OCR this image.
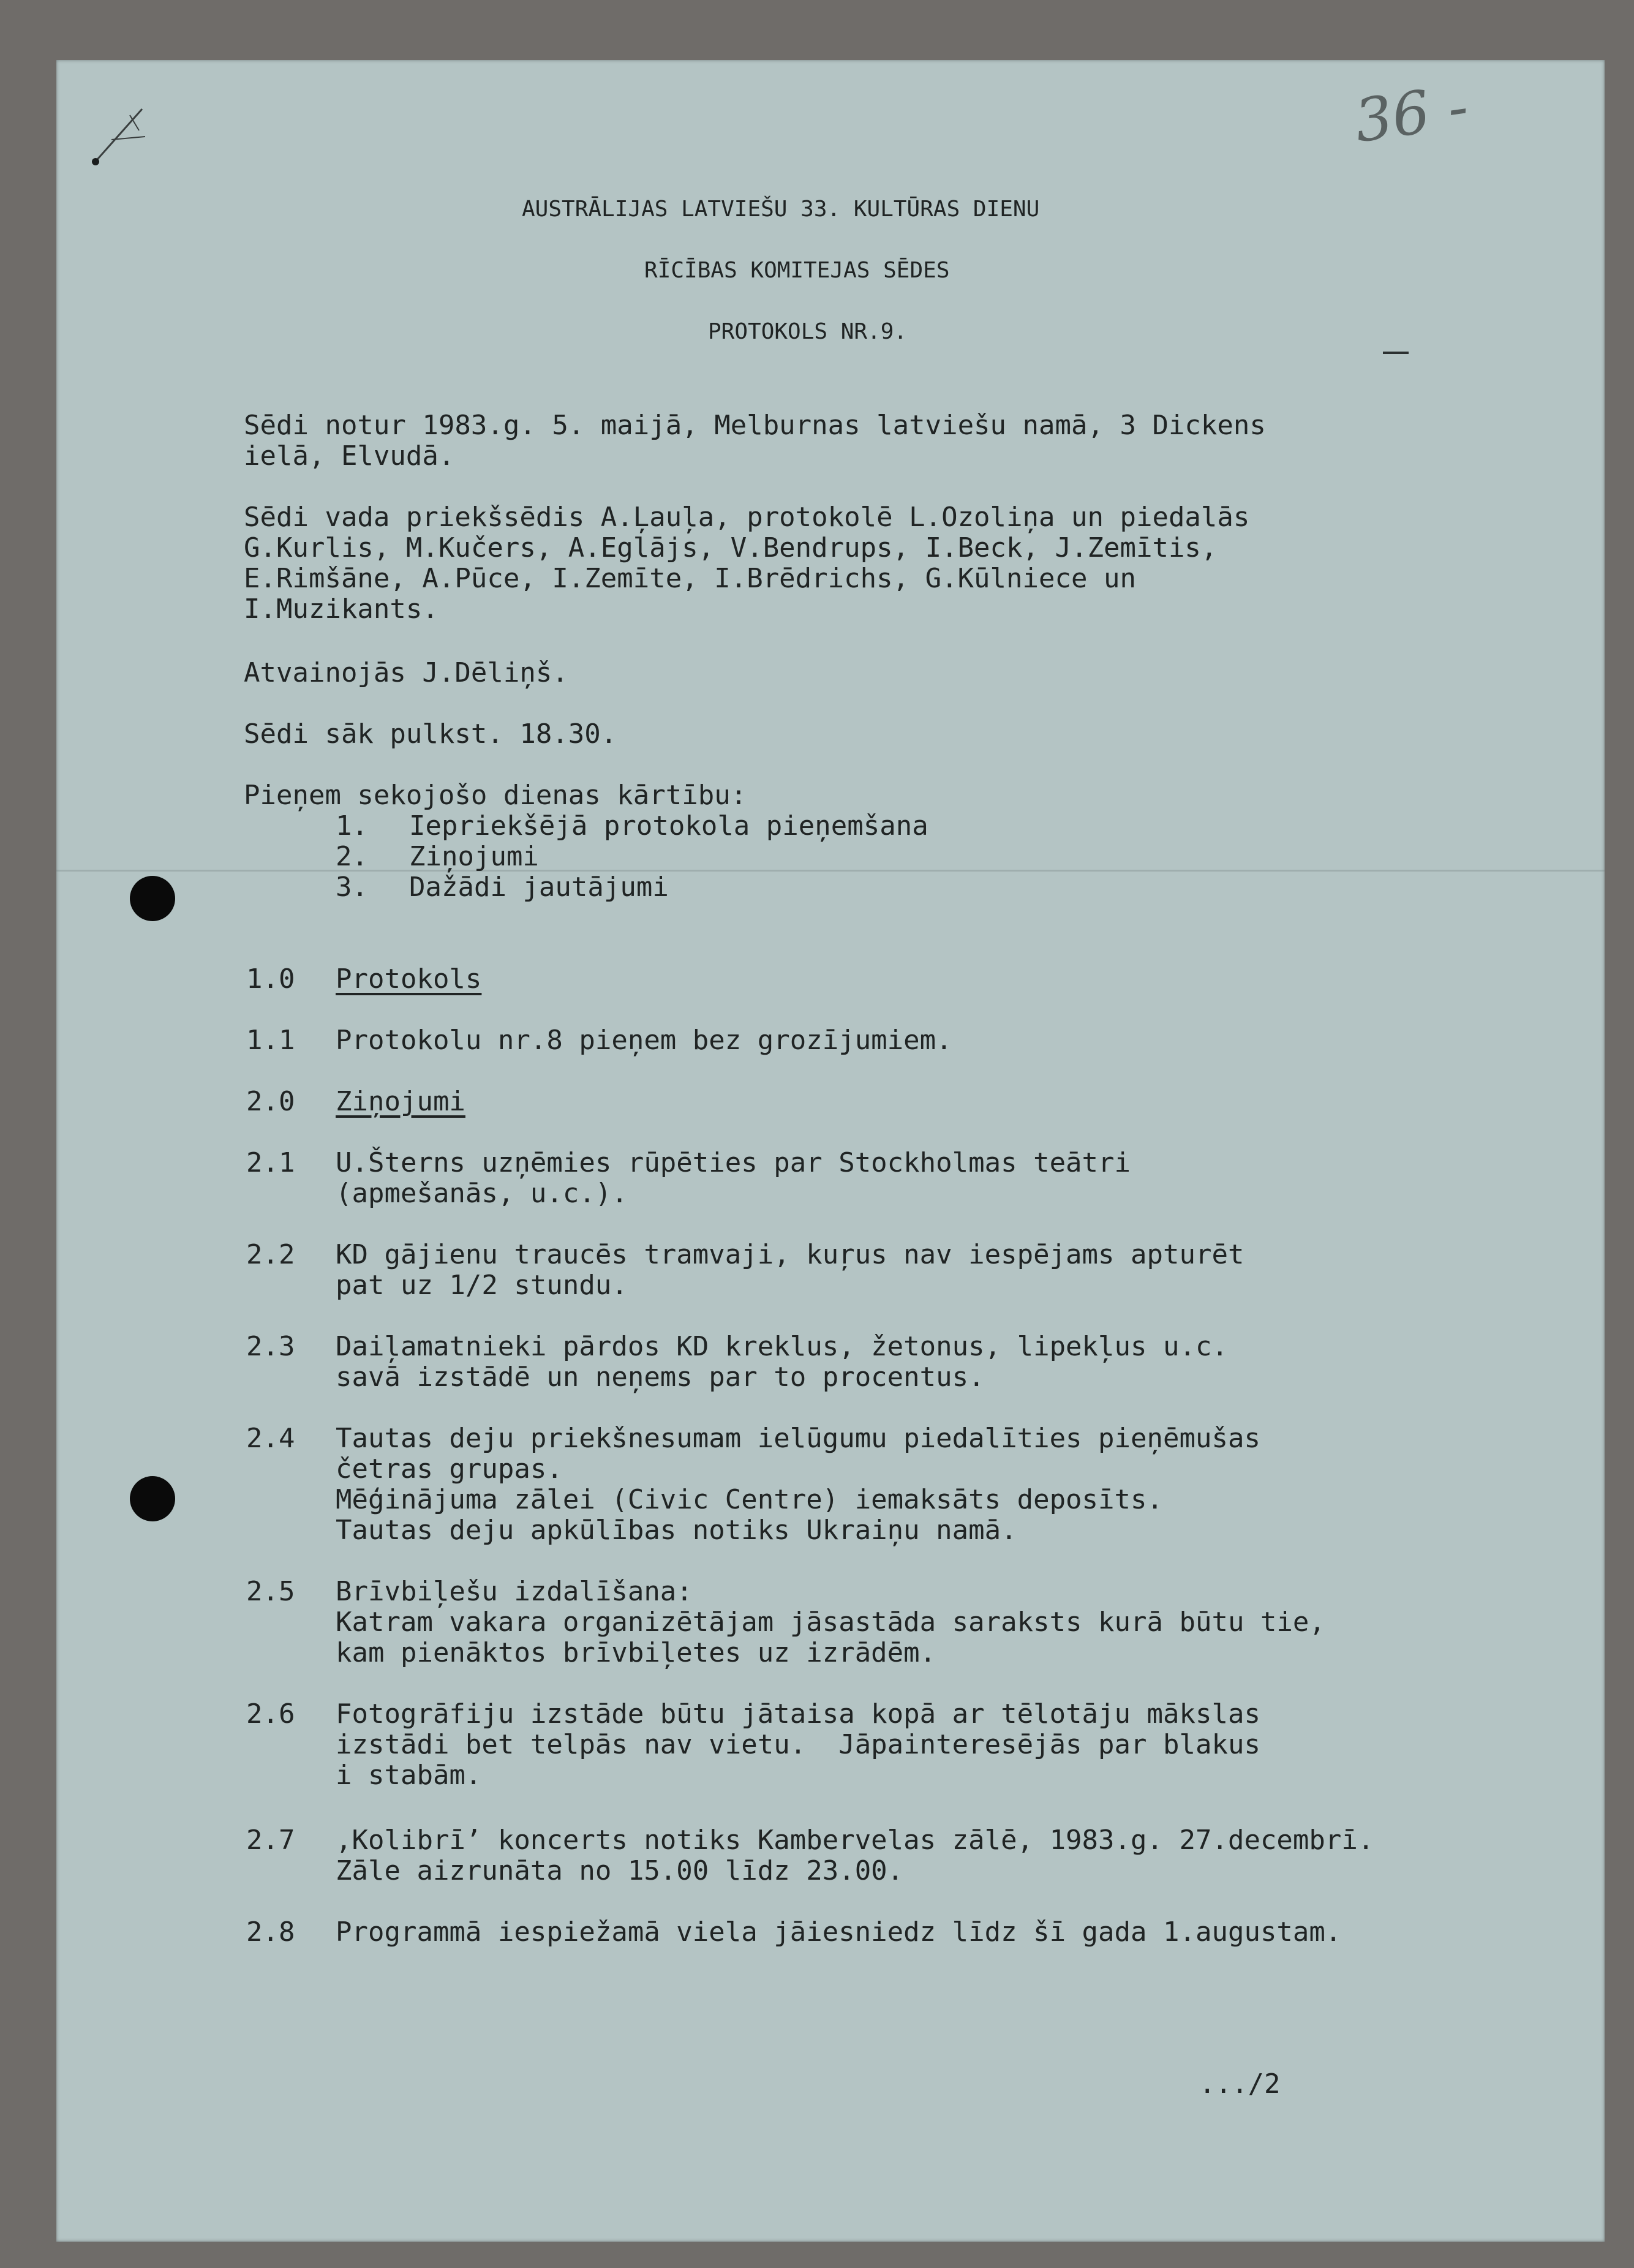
36 -
AUSTRĀLIJAS LATVIEŠU 33. KULTŪRAS DIENU
RĪCĪBAS KOMITEJAS SĒDES
PROTOKOLS NR.9.
Sēdi notur 1983.g. 5. maijā, Melburnas latviešu namā, 3 Dickens
ielā, Elvudā.
Sēdi vada priekšsēdis A.Ļauļa, protokolē L.Ozoliņa un piedalās
G.Kurlis, M.Kučers, A.Eglājs, V.Bendrups, I.Beck, J.Zemītis,
E.Rimšāne, A.Pūce, I.Zemīte, I.Brēdrichs, G.Kūlniece un
I.Muzikants.
Atvainojās J.Dēliņš.
Sēdi sāk pulkst. 18.30.
Pieņem sekojošo dienas kārtību:
1. Iepriekšējā protokola pieņemšana
2. Ziņojumi
3. Dažādi jautājumi
1.0 Protokols
1.1 Protokolu nr.8 pieņem bez grozījumiem.
2.0 Ziņojumi
2.1 U.Šterns uzņēmies rūpēties par Stockholmas teātri
(apmešanās, u.c.).
2.2 KD gājienu traucēs tramvaji, kuŗus nav iespējams apturēt
pat uz 1/2 stundu.
2.3 Daiļamatnieki pārdos KD kreklus, žetonus, lipekļus u.c.
savā izstādē un neņems par to procentus.
2.4 Tautas deju priekšnesumam ielūgumu piedalīties pieņēmušas
četras grupas.
Mēģinājuma zālei (Civic Centre) iemaksāts deposīts.
Tautas deju apkūlības notiks Ukraiņu namā.
2.5 Brīvbiļešu izdalīšana:
Katram vakara organizētājam jāsastāda saraksts kurā būtu tie,
kam pienāktos brīvbiļetes uz izrādēm.
2.6 Fotogrāfiju izstāde būtu jātaisa kopā ar tēlotāju mākslas
izstādi bet telpās nav vietu.  Jāpainteresējās par blakus
i stabām.
2.7 ‚Kolibrī’ koncerts notiks Kambervelas zālē, 1983.g. 27.decembrī.
Zāle aizrunāta no 15.00 līdz 23.00.
2.8 Programmā iespiežamā viela jāiesniedz līdz šī gada 1.augustam.
.../2
